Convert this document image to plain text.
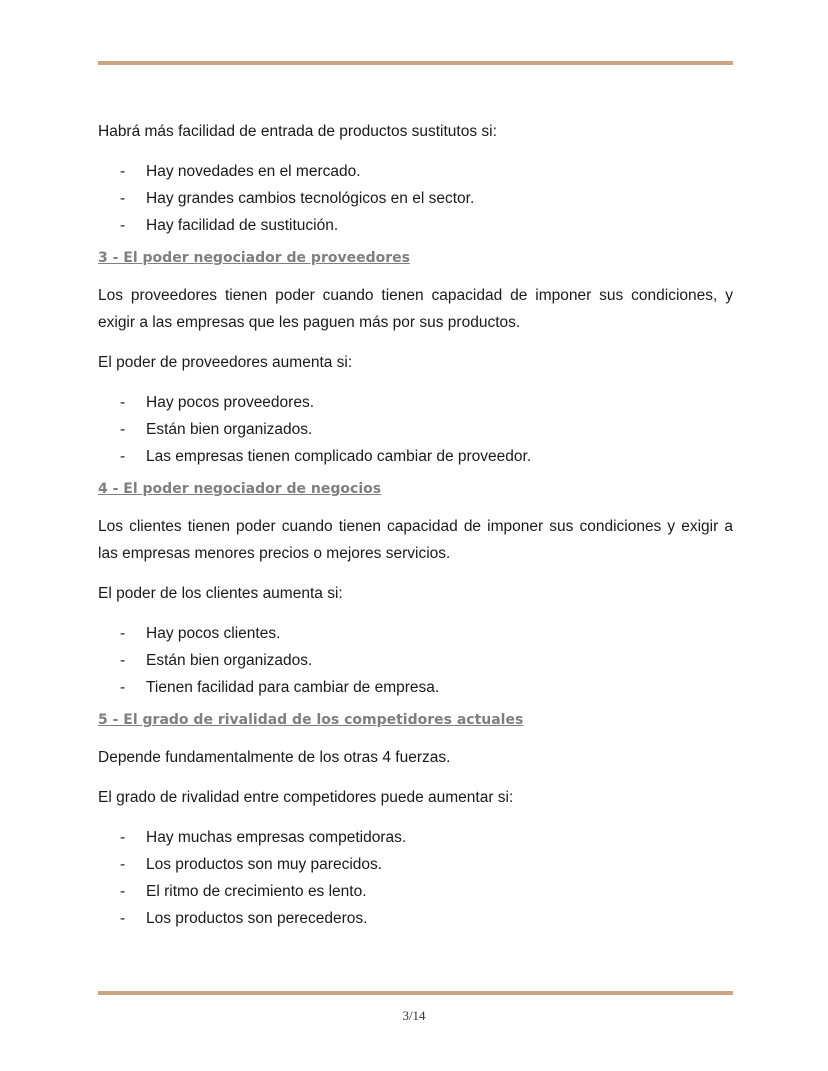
Habrá más facilidad de entrada de productos sustitutos si:

- Hay novedades en el mercado.
- Hay grandes cambios tecnológicos en el sector.
- Hay facilidad de sustitución.
3 - El poder negociador de proveedores

Los proveedores tienen poder cuando tienen capacidad de imponer sus condiciones, y exigir a las empresas que les paguen más por sus productos.

El poder de proveedores aumenta si:

- Hay pocos proveedores.
- Están bien organizados.
- Las empresas tienen complicado cambiar de proveedor.
4 - El poder negociador de negocios

Los clientes tienen poder cuando tienen capacidad de imponer sus condiciones y exigir a las empresas menores precios o mejores servicios.

El poder de los clientes aumenta si:

- Hay pocos clientes.
- Están bien organizados.
- Tienen facilidad para cambiar de empresa.
5 - El grado de rivalidad de los competidores actuales

Depende fundamentalmente de los otras 4 fuerzas.

El grado de rivalidad entre competidores puede aumentar si:

- Hay muchas empresas competidoras.
- Los productos son muy parecidos.
- El ritmo de crecimiento es lento.
- Los productos son perecederos.
3/14
